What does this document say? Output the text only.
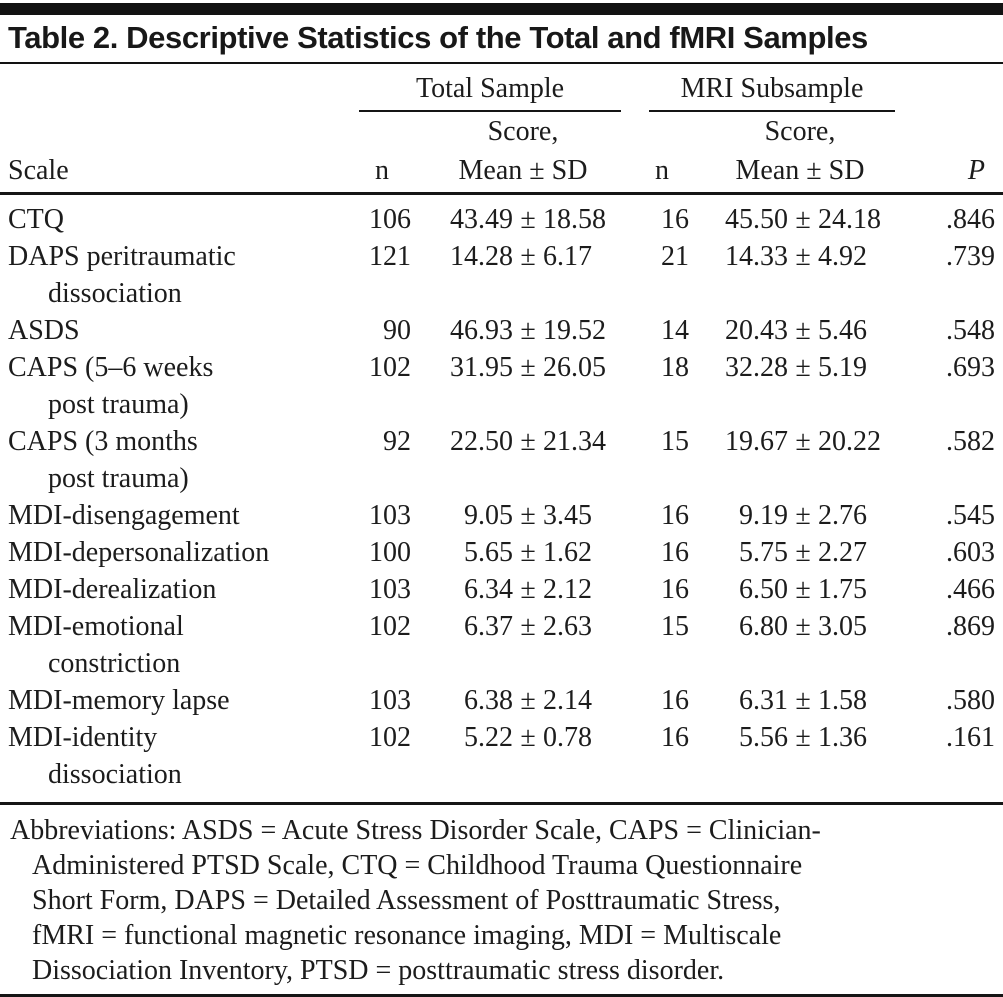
Table 2. Descriptive Statistics of the Total and fMRI Samples

	Total Sample		MRI Subsample		

		Score,		Score,	
Scale	n	Mean ± SD	n	Mean ± SD	P

CTQ	106	43.49 ± 18.58	16	45.50 ± 24.18	.846

DAPS peritraumatic
dissociation	121	14.28 ± 6.17	21	14.33 ± 4.92	.739

ASDS	90	46.93 ± 19.52	14	20.43 ± 5.46	.548

CAPS (5–6 weeks
post trauma)	102	31.95 ± 26.05	18	32.28 ± 5.19	.693

CAPS (3 months
post trauma)	92	22.50 ± 21.34	15	19.67 ± 20.22	.582

MDI-disengagement	103	9.05 ± 3.45	16	9.19 ± 2.76	.545

MDI-depersonalization	100	5.65 ± 1.62	16	5.75 ± 2.27	.603

MDI-derealization	103	6.34 ± 2.12	16	6.50 ± 1.75	.466

MDI-emotional
constriction	102	6.37 ± 2.63	15	6.80 ± 3.05	.869

MDI-memory lapse	103	6.38 ± 2.14	16	6.31 ± 1.58	.580

MDI-identity
dissociation	102	5.22 ± 0.78	16	5.56 ± 1.36	.161
Abbreviations: ASDS = Acute Stress Disorder Scale, CAPS = Clinician-
Administered PTSD Scale, CTQ = Childhood Trauma Questionnaire
Short Form, DAPS = Detailed Assessment of Posttraumatic Stress,
fMRI = functional magnetic resonance imaging, MDI = Multiscale
Dissociation Inventory, PTSD = posttraumatic stress disorder.
